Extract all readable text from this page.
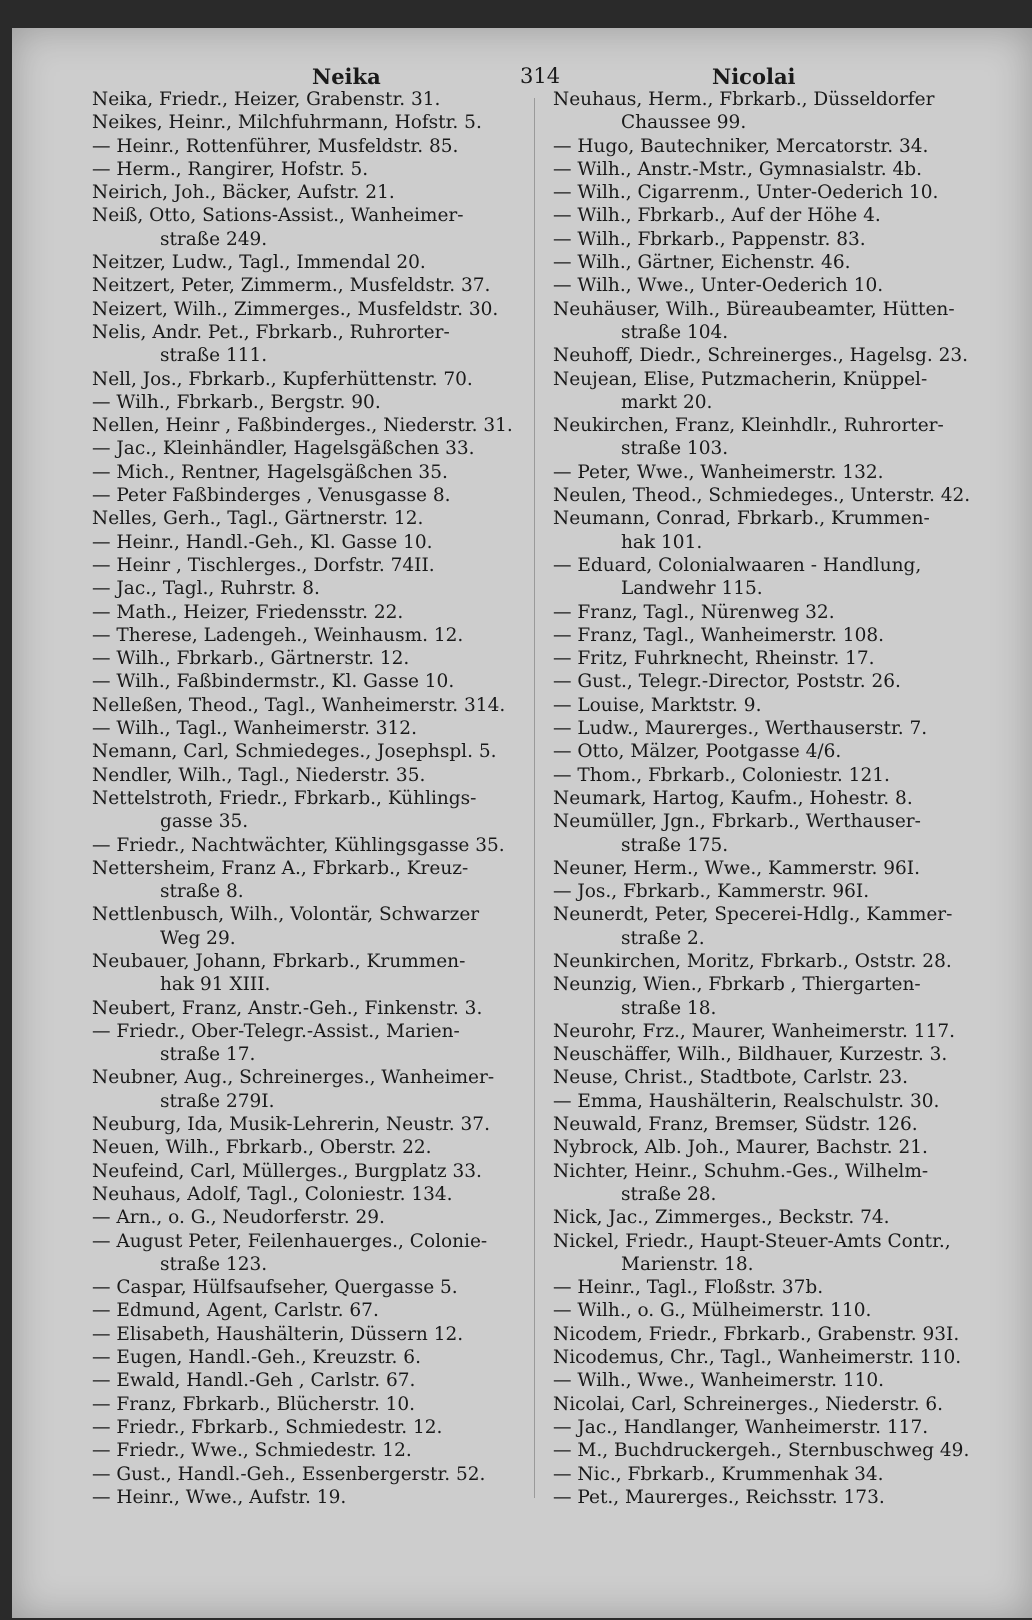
Neika	314	Nicolai
Neika, Friedr., Heizer, Grabenstr. 31.
Neikes, Heinr., Milchfuhrmann, Hofstr. 5.
— Heinr., Rottenführer, Musfeldstr. 85.
— Herm., Rangirer, Hofstr. 5.
Neirich, Joh., Bäcker, Aufstr. 21.
Neiß, Otto, Sations-Assist., Wanheimer-
straße 249.
Neitzer, Ludw., Tagl., Immendal 20.
Neitzert, Peter, Zimmerm., Musfeldstr. 37.
Neizert, Wilh., Zimmerges., Musfeldstr. 30.
Nelis, Andr. Pet., Fbrkarb., Ruhrorter-
straße 111.
Nell, Jos., Fbrkarb., Kupferhüttenstr. 70.
— Wilh., Fbrkarb., Bergstr. 90.
Nellen, Heinr , Faßbinderges., Niederstr. 31.
— Jac., Kleinhändler, Hagelsgäßchen 33.
— Mich., Rentner, Hagelsgäßchen 35.
— Peter Faßbinderges , Venusgasse 8.
Nelles, Gerh., Tagl., Gärtnerstr. 12.
— Heinr., Handl.-Geh., Kl. Gasse 10.
— Heinr , Tischlerges., Dorfstr. 74II.
— Jac., Tagl., Ruhrstr. 8.
— Math., Heizer, Friedensstr. 22.
— Therese, Ladengeh., Weinhausm. 12.
— Wilh., Fbrkarb., Gärtnerstr. 12.
— Wilh., Faßbindermstr., Kl. Gasse 10.
Nelleßen, Theod., Tagl., Wanheimerstr. 314.
— Wilh., Tagl., Wanheimerstr. 312.
Nemann, Carl, Schmiedeges., Josephspl. 5.
Nendler, Wilh., Tagl., Niederstr. 35.
Nettelstroth, Friedr., Fbrkarb., Kühlings-
gasse 35.
— Friedr., Nachtwächter, Kühlingsgasse 35.
Nettersheim, Franz A., Fbrkarb., Kreuz-
straße 8.
Nettlenbusch, Wilh., Volontär, Schwarzer
Weg 29.
Neubauer, Johann, Fbrkarb., Krummen-
hak 91 XIII.
Neubert, Franz, Anstr.-Geh., Finkenstr. 3.
— Friedr., Ober-Telegr.-Assist., Marien-
straße 17.
Neubner, Aug., Schreinerges., Wanheimer-
straße 279I.
Neuburg, Ida, Musik-Lehrerin, Neustr. 37.
Neuen, Wilh., Fbrkarb., Oberstr. 22.
Neufeind, Carl, Müllerges., Burgplatz 33.
Neuhaus, Adolf, Tagl., Coloniestr. 134.
— Arn., o. G., Neudorferstr. 29.
— August Peter, Feilenhauerges., Colonie-
straße 123.
— Caspar, Hülfsaufseher, Quergasse 5.
— Edmund, Agent, Carlstr. 67.
— Elisabeth, Haushälterin, Düssern 12.
— Eugen, Handl.-Geh., Kreuzstr. 6.
— Ewald, Handl.-Geh , Carlstr. 67.
— Franz, Fbrkarb., Blücherstr. 10.
— Friedr., Fbrkarb., Schmiedestr. 12.
— Friedr., Wwe., Schmiedestr. 12.
— Gust., Handl.-Geh., Essenbergerstr. 52.
— Heinr., Wwe., Aufstr. 19.
Neuhaus, Herm., Fbrkarb., Düsseldorfer
Chaussee 99.
— Hugo, Bautechniker, Mercatorstr. 34.
— Wilh., Anstr.-Mstr., Gymnasialstr. 4b.
— Wilh., Cigarrenm., Unter-Oederich 10.
— Wilh., Fbrkarb., Auf der Höhe 4.
— Wilh., Fbrkarb., Pappenstr. 83.
— Wilh., Gärtner, Eichenstr. 46.
— Wilh., Wwe., Unter-Oederich 10.
Neuhäuser, Wilh., Büreaubeamter, Hütten-
straße 104.
Neuhoff, Diedr., Schreinerges., Hagelsg. 23.
Neujean, Elise, Putzmacherin, Knüppel-
markt 20.
Neukirchen, Franz, Kleinhdlr., Ruhrorter-
straße 103.
— Peter, Wwe., Wanheimerstr. 132.
Neulen, Theod., Schmiedeges., Unterstr. 42.
Neumann, Conrad, Fbrkarb., Krummen-
hak 101.
— Eduard, Colonialwaaren - Handlung,
Landwehr 115.
— Franz, Tagl., Nürenweg 32.
— Franz, Tagl., Wanheimerstr. 108.
— Fritz, Fuhrknecht, Rheinstr. 17.
— Gust., Telegr.-Director, Poststr. 26.
— Louise, Marktstr. 9.
— Ludw., Maurerges., Werthauserstr. 7.
— Otto, Mälzer, Pootgasse 4/6.
— Thom., Fbrkarb., Coloniestr. 121.
Neumark, Hartog, Kaufm., Hohestr. 8.
Neumüller, Jgn., Fbrkarb., Werthauser-
straße 175.
Neuner, Herm., Wwe., Kammerstr. 96I.
— Jos., Fbrkarb., Kammerstr. 96I.
Neunerdt, Peter, Specerei-Hdlg., Kammer-
straße 2.
Neunkirchen, Moritz, Fbrkarb., Oststr. 28.
Neunzig, Wien., Fbrkarb , Thiergarten-
straße 18.
Neurohr, Frz., Maurer, Wanheimerstr. 117.
Neuschäffer, Wilh., Bildhauer, Kurzestr. 3.
Neuse, Christ., Stadtbote, Carlstr. 23.
— Emma, Haushälterin, Realschulstr. 30.
Neuwald, Franz, Bremser, Südstr. 126.
Nybrock, Alb. Joh., Maurer, Bachstr. 21.
Nichter, Heinr., Schuhm.-Ges., Wilhelm-
straße 28.
Nick, Jac., Zimmerges., Beckstr. 74.
Nickel, Friedr., Haupt-Steuer-Amts Contr.,
Marienstr. 18.
— Heinr., Tagl., Floßstr. 37b.
— Wilh., o. G., Mülheimerstr. 110.
Nicodem, Friedr., Fbrkarb., Grabenstr. 93I.
Nicodemus, Chr., Tagl., Wanheimerstr. 110.
— Wilh., Wwe., Wanheimerstr. 110.
Nicolai, Carl, Schreinerges., Niederstr. 6.
— Jac., Handlanger, Wanheimerstr. 117.
— M., Buchdruckergeh., Sternbuschweg 49.
— Nic., Fbrkarb., Krummenhak 34.
— Pet., Maurerges., Reichsstr. 173.
